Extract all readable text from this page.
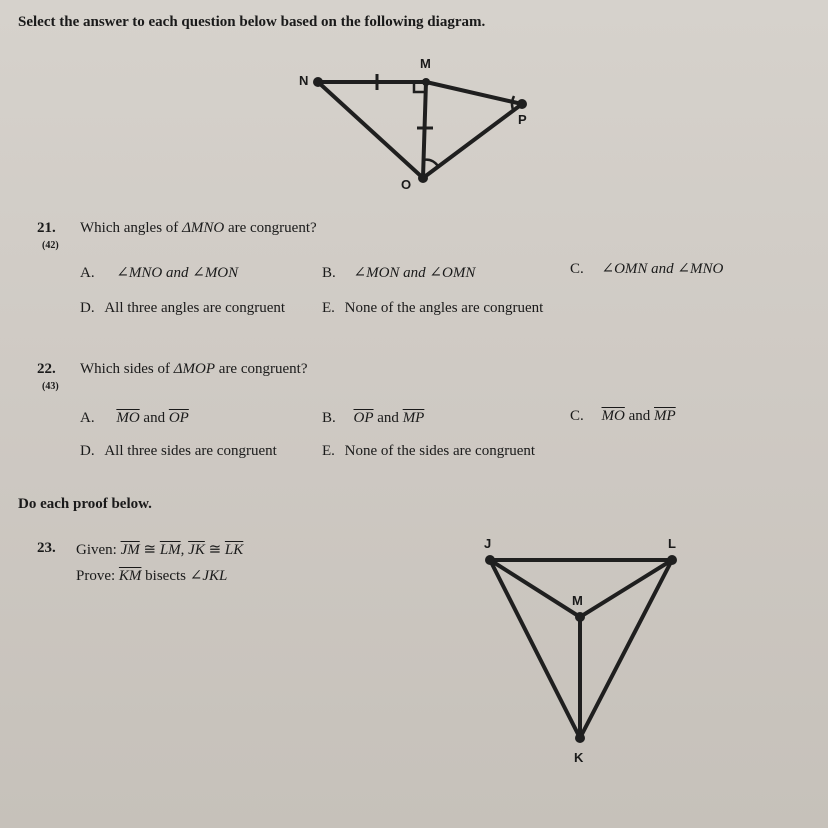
Select the answer to each question below based on the following diagram.
N
M
P
O
21.
(42)
Which angles of ΔMNO are congruent?
A. ∠MNO and ∠MON	B. ∠MON and ∠OMN	C. ∠OMN and ∠MNO
D. All three angles are congruent E. None of the angles are congruent
22.
(43)
Which sides of ΔMOP are congruent?
A. $\overline{MO}$ and $\overline{OP}$	B. $\overline{OP}$ and $\overline{MP}$	C. $\overline{MO}$ and $\overline{MP}$
D. All three sides are congruent	E. None of the sides are congruent
Do each proof below.
23. Given: $\overline{JM}$ ≅ $\overline{LM}$, $\overline{JK}$ ≅ $\overline{LK}$
Prove: $\overline{KM}$ bisects ∠JKL
J	L
M
K
